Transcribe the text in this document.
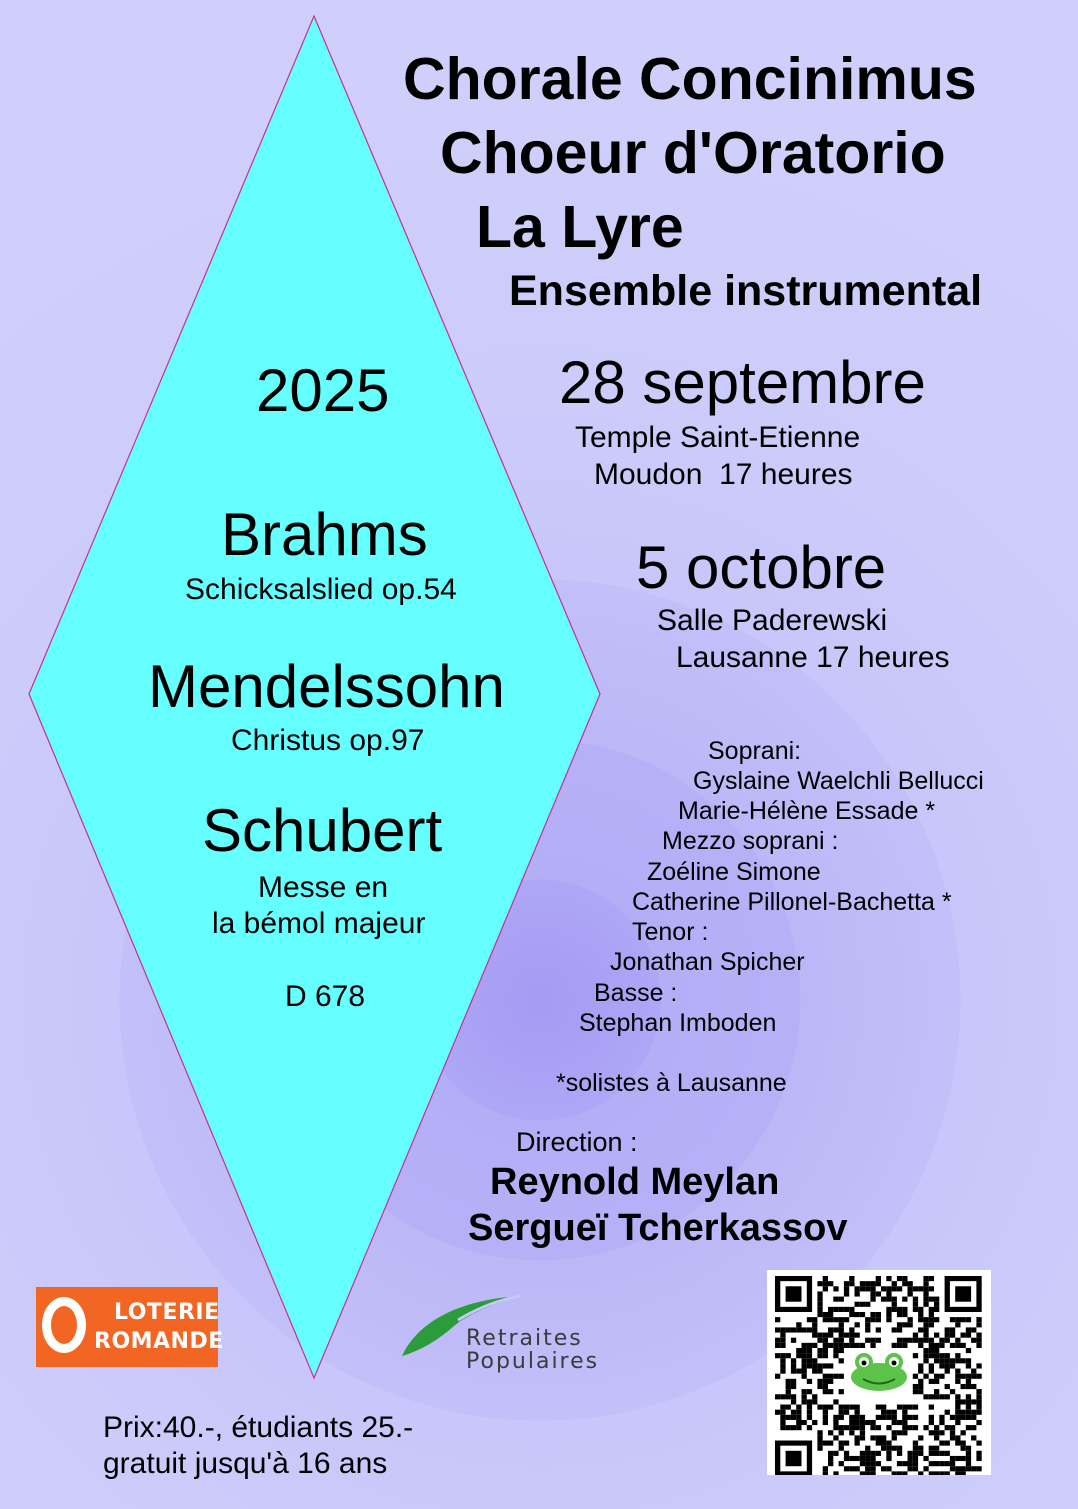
Chorale Concinimus
Choeur d'Oratorio
La Lyre
Ensemble instrumental
2025
Brahms
Schicksalslied op.54
Mendelssohn
Christus op.97
Schubert
Messe en
la bémol majeur
D 678
28 septembre
Temple Saint-Etienne
Moudon  17 heures
5 octobre
Salle Paderewski
Lausanne 17 heures
Soprani:
Gyslaine Waelchli Bellucci
Marie-Hélène Essade *
Mezzo soprani :
Zoéline Simone
Catherine Pillonel-Bachetta *
Tenor :
Jonathan Spicher
Basse :
Stephan Imboden
*solistes à Lausanne
Direction :
Reynold Meylan
Sergueï Tcherkassov
LOTERIE
ROMANDE	Retraites
Populaires
Prix:40.-, étudiants 25.-
gratuit jusqu'à 16 ans
